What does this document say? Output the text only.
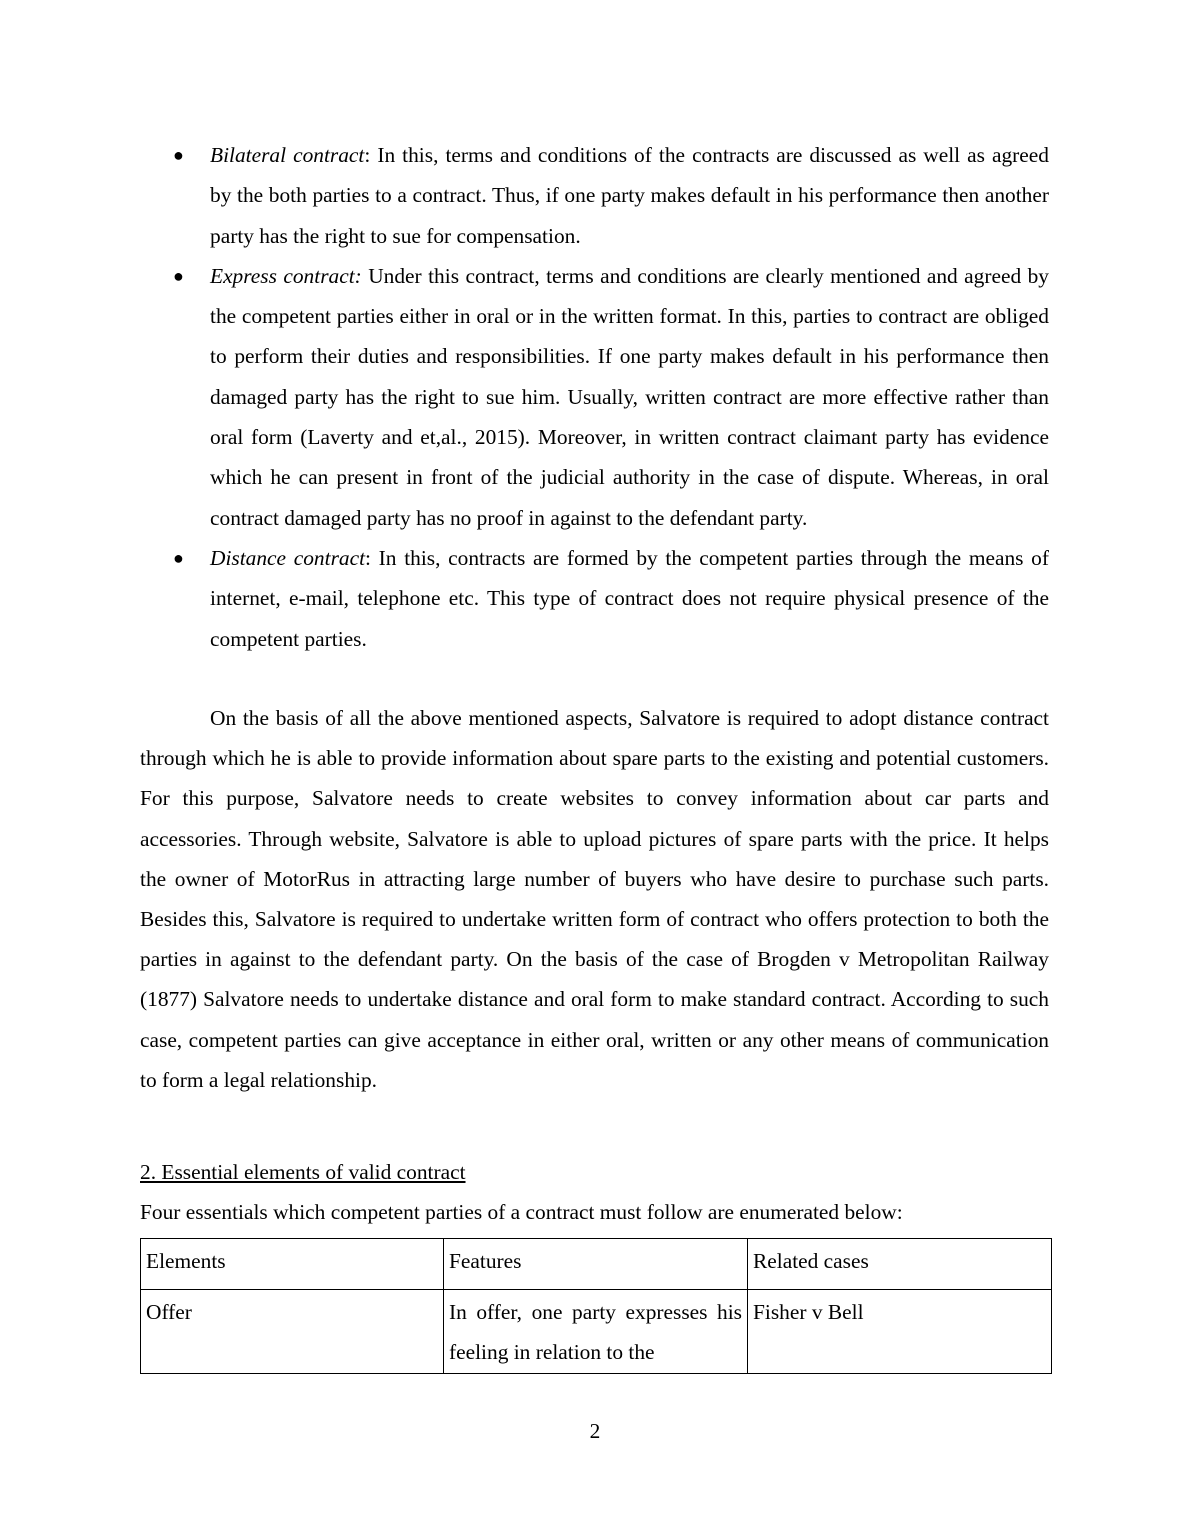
● Bilateral contract: In this, terms and conditions of the contracts are discussed as well as agreed by the both parties to a contract. Thus, if one party makes default in his performance then another party has the right to sue for compensation.
● Express contract: Under this contract, terms and conditions are clearly mentioned and agreed by the competent parties either in oral or in the written format. In this, parties to contract are obliged to perform their duties and responsibilities. If one party makes default in his performance then damaged party has the right to sue him. Usually, written contract are more effective rather than oral form (Laverty and et,al., 2015). Moreover, in written contract claimant party has evidence which he can present in front of the judicial authority in the case of dispute. Whereas, in oral contract damaged party has no proof in against to the defendant party.
● Distance contract: In this, contracts are formed by the competent parties through the means of internet, e-mail, telephone etc. This type of contract does not require physical presence of the competent parties.

On the basis of all the above mentioned aspects, Salvatore is required to adopt distance contract through which he is able to provide information about spare parts to the existing and potential customers. For this purpose, Salvatore needs to create websites to convey information about car parts and accessories. Through website, Salvatore is able to upload pictures of spare parts with the price. It helps the owner of MotorRus in attracting large number of buyers who have desire to purchase such parts. Besides this, Salvatore is required to undertake written form of contract who offers protection to both the parties in against to the defendant party. On the basis of the case of Brogden v Metropolitan Railway (1877) Salvatore needs to undertake distance and oral form to make standard contract. According to such case, competent parties can give acceptance in either oral, written or any other means of communication to form a legal relationship.

2. Essential elements of valid contract

Four essentials which competent parties of a contract must follow are enumerated below:

Elements	Features	Related cases
Offer	In offer, one party expresses his feeling in relation to the	Fisher v Bell
2
